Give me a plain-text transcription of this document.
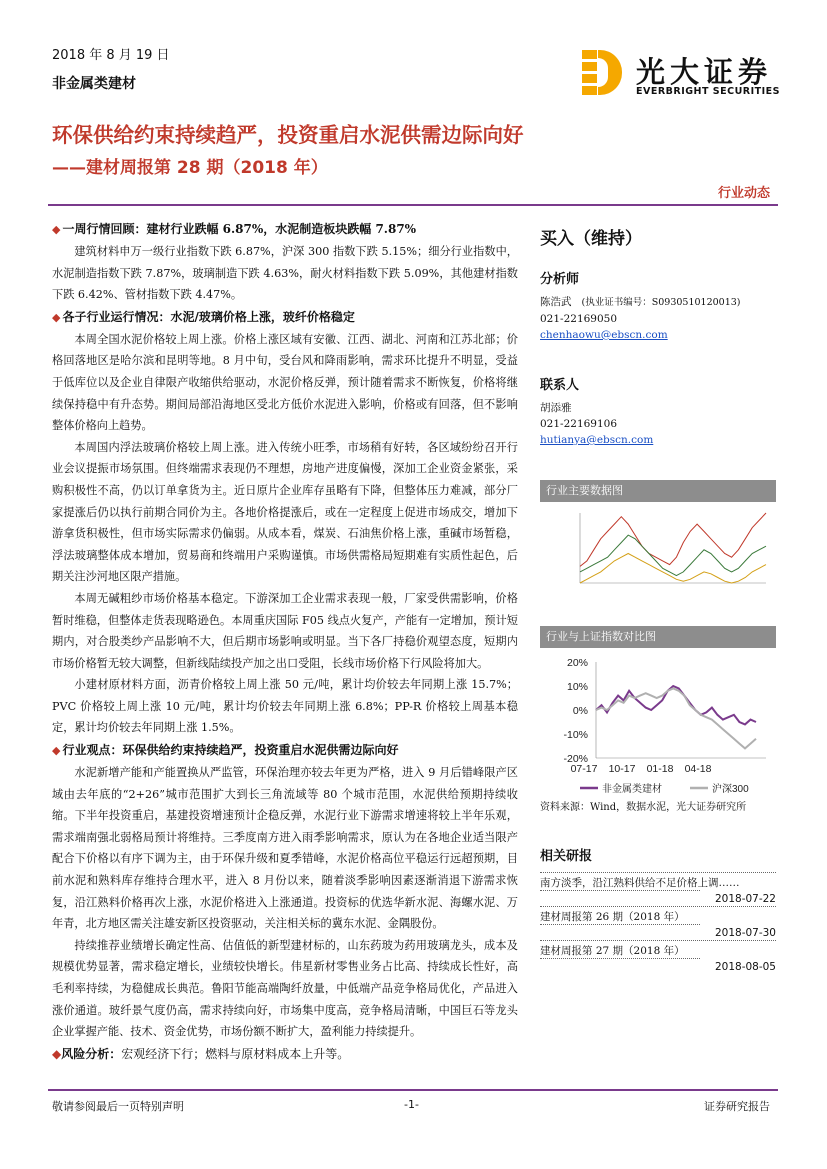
2018 年 8 月 19 日
非金属类建材	光大证券
EVERBRIGHT SECURITIES
环保供给约束持续趋严，投资重启水泥供需边际向好
——建材周报第 28 期（2018 年）
行业动态
◆ 一周行情回顾：建材行业跌幅 6.87%，水泥制造板块跌幅 7.87%

建筑材料申万一级行业指数下跌 6.87%，沪深 300 指数下跌 5.15%；细分行业指数中，水泥制造指数下跌 7.87%，玻璃制造下跌 4.63%，耐火材料指数下跌 5.09%，其他建材指数下跌 6.42%、管材指数下跌 4.47%。

◆ 各子行业运行情况：水泥/玻璃价格上涨，玻纤价格稳定

本周全国水泥价格较上周上涨。价格上涨区域有安徽、江西、湖北、河南和江苏北部；价格回落地区是哈尔滨和昆明等地。8 月中旬，受台风和降雨影响，需求环比提升不明显，受益于低库位以及企业自律限产收缩供给驱动，水泥价格反弹，预计随着需求不断恢复，价格将继续保持稳中有升态势。期间局部沿海地区受北方低价水泥进入影响，价格或有回落，但不影响整体价格向上趋势。

本周国内浮法玻璃价格较上周上涨。进入传统小旺季，市场稍有好转，各区域纷纷召开行业会议提振市场氛围。但终端需求表现仍不理想，房地产进度偏慢，深加工企业资金紧张，采购积极性不高，仍以订单拿货为主。近日原片企业库存虽略有下降，但整体压力难减，部分厂家提涨后仍以执行前期合同价为主。各地价格提涨后，或在一定程度上促进市场成交，增加下游拿货积极性，但市场实际需求仍偏弱。从成本看，煤炭、石油焦价格上涨，重碱市场暂稳，浮法玻璃整体成本增加，贸易商和终端用户采购谨慎。市场供需格局短期难有实质性起色，后期关注沙河地区限产措施。

本周无碱粗纱市场价格基本稳定。下游深加工企业需求表现一般，厂家受供需影响，价格暂时维稳，但整体走货表现略逊色。本周重庆国际 F05 线点火复产，产能有一定增加，预计短期内，对合股类纱产品影响不大，但后期市场影响或明显。当下各厂持稳价观望态度，短期内市场价格暂无较大调整，但新线陆续投产加之出口受阻，长线市场价格下行风险将加大。

小建材原材料方面，沥青价格较上周上涨 50 元/吨，累计均价较去年同期上涨 15.7%；PVC 价格较上周上涨 10 元/吨，累计均价较去年同期上涨 6.8%；PP-R 价格较上周基本稳定，累计均价较去年同期上涨 1.5%。

◆ 行业观点：环保供给约束持续趋严，投资重启水泥供需边际向好

水泥新增产能和产能置换从严监管，环保治理亦较去年更为严格，进入 9 月后错峰限产区域由去年底的“2+26”城市范围扩大到长三角流域等 80 个城市范围，水泥供给预期持续收缩。下半年投资重启，基建投资增速预计企稳反弹，水泥行业下游需求增速将较上半年乐观，需求端南强北弱格局预计将维持。三季度南方进入雨季影响需求，原认为在各地企业适当限产配合下价格以有序下调为主，由于环保升级和夏季错峰，水泥价格高位平稳运行远超预期，目前水泥和熟料库存维持合理水平，进入 8 月份以来，随着淡季影响因素逐渐消退下游需求恢复，沿江熟料价格再次上涨，水泥价格进入上涨通道。投资标的优选华新水泥、海螺水泥、万年青，北方地区需关注雄安新区投资驱动，关注相关标的冀东水泥、金隅股份。

持续推荐业绩增长确定性高、估值低的新型建材标的，山东药玻为药用玻璃龙头，成本及规模优势显著，需求稳定增长，业绩较快增长。伟星新材零售业务占比高、持续成长性好，高毛利率持续，为稳健成长典范。鲁阳节能高端陶纤放量，中低端产品竞争格局优化，产品进入涨价通道。玻纤景气度仍高，需求持续向好，市场集中度高，竞争格局清晰，中国巨石等龙头企业掌握产能、技术、资金优势，市场份额不断扩大，盈利能力持续提升。

◆风险分析：宏观经济下行；燃料与原材料成本上升等。
买入（维持）
分析师
陈浩武 (执业证书编号：S0930510120013)
021-22169050
chenhaowu@ebscn.com
联系人
胡添雅
021-22169106
hutianya@ebscn.com
行业主要数据图
行业与上证指数对比图
20%
10%
0%
-10%
-20%
07-17 10-17 01-18 04-18
非金属类建材	沪深300
资料来源：Wind，数据水泥，光大证券研究所
相关研报
南方淡季，沿江熟料供给不足价格上调……
2018-07-22
建材周报第 26 期（2018 年）
2018-07-30
建材周报第 27 期（2018 年）
2018-08-05
敬请参阅最后一页特别声明	-1-	证券研究报告
